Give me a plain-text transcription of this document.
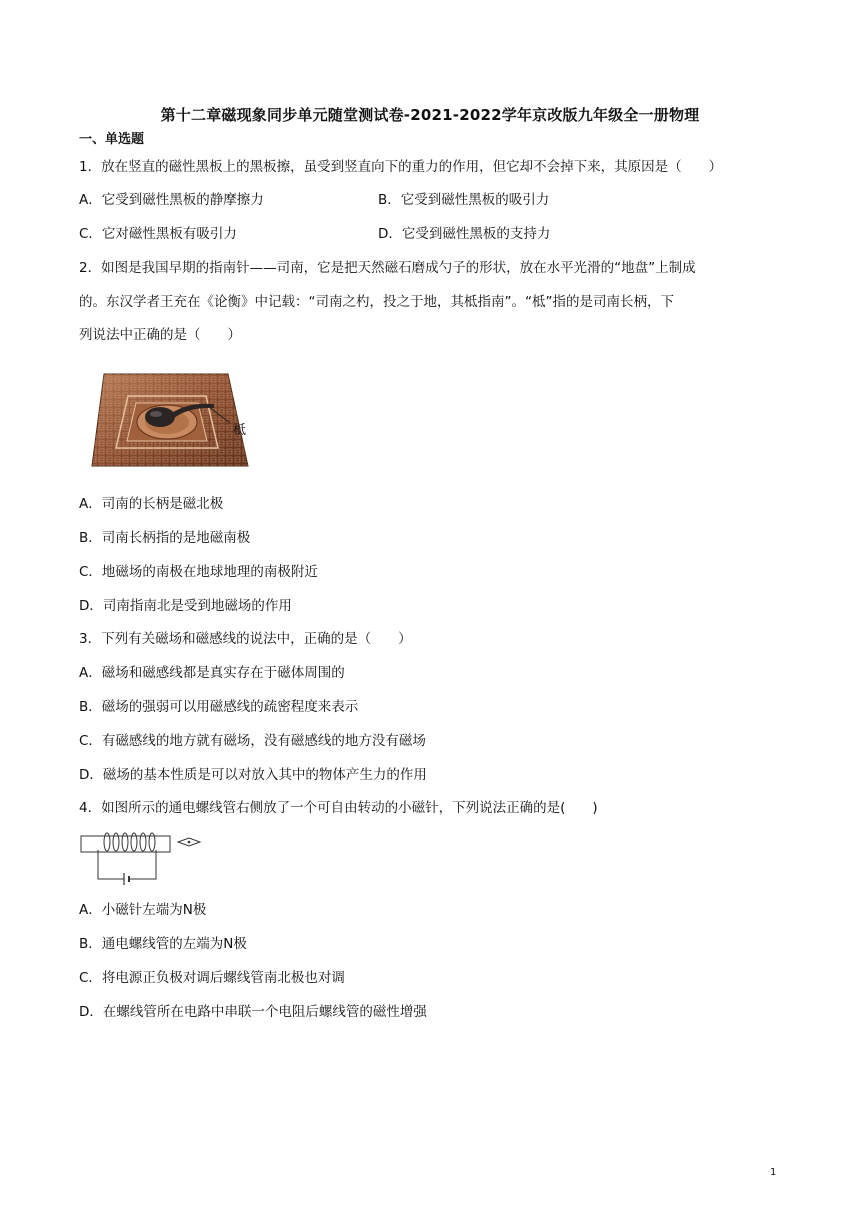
第十二章磁现象同步单元随堂测试卷-2021-2022学年京改版九年级全一册物理
一、单选题
1．放在竖直的磁性黑板上的黑板擦，虽受到竖直向下的重力的作用，但它却不会掉下来，其原因是（　　）
A．它受到磁性黑板的静摩擦力	B．它受到磁性黑板的吸引力
C．它对磁性黑板有吸引力	D．它受到磁性黑板的支持力
2．如图是我国早期的指南针——司南，它是把天然磁石磨成勺子的形状，放在水平光滑的“地盘”上制成
的。东汉学者王充在《论衡》中记载：“司南之杓，投之于地，其柢指南”。“柢”指的是司南长柄，下
列说法中正确的是（　　）
柢
A．司南的长柄是磁北极
B．司南长柄指的是地磁南极
C．地磁场的南极在地球地理的南极附近
D．司南指南北是受到地磁场的作用
3．下列有关磁场和磁感线的说法中，正确的是（　　）
A．磁场和磁感线都是真实存在于磁体周围的
B．磁场的强弱可以用磁感线的疏密程度来表示
C．有磁感线的地方就有磁场，没有磁感线的地方没有磁场
D．磁场的基本性质是可以对放入其中的物体产生力的作用
4．如图所示的通电螺线管右侧放了一个可自由转动的小磁针，下列说法正确的是(　　)
A．小磁针左端为N极
B．通电螺线管的左端为N极
C．将电源正负极对调后螺线管南北极也对调
D．在螺线管所在电路中串联一个电阻后螺线管的磁性增强
1
